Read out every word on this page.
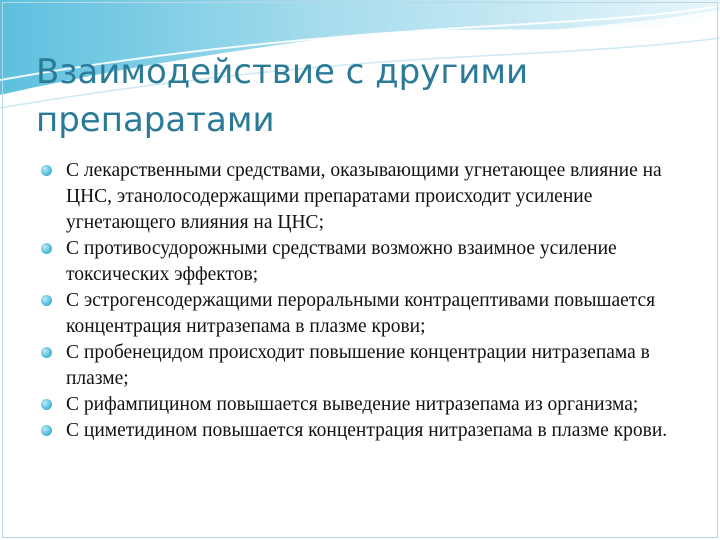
Взаимодействие с другими препаратами
С лекарственными средствами, оказывающими угнетающее влияние на ЦНС, этанолосодержащими препаратами происходит усиление угнетающего влияния на ЦНС;
С противосудорожными средствами возможно взаимное усиление токсических эффектов;
С эстрогенсодержащими пероральными контрацептивами повышается концентрация нитразепама в плазме крови;
С пробенецидом происходит повышение концентрации нитразепама в плазме;
С рифампицином повышается выведение нитразепама из организма;
С циметидином повышается концентрация нитразепама в плазме крови.
